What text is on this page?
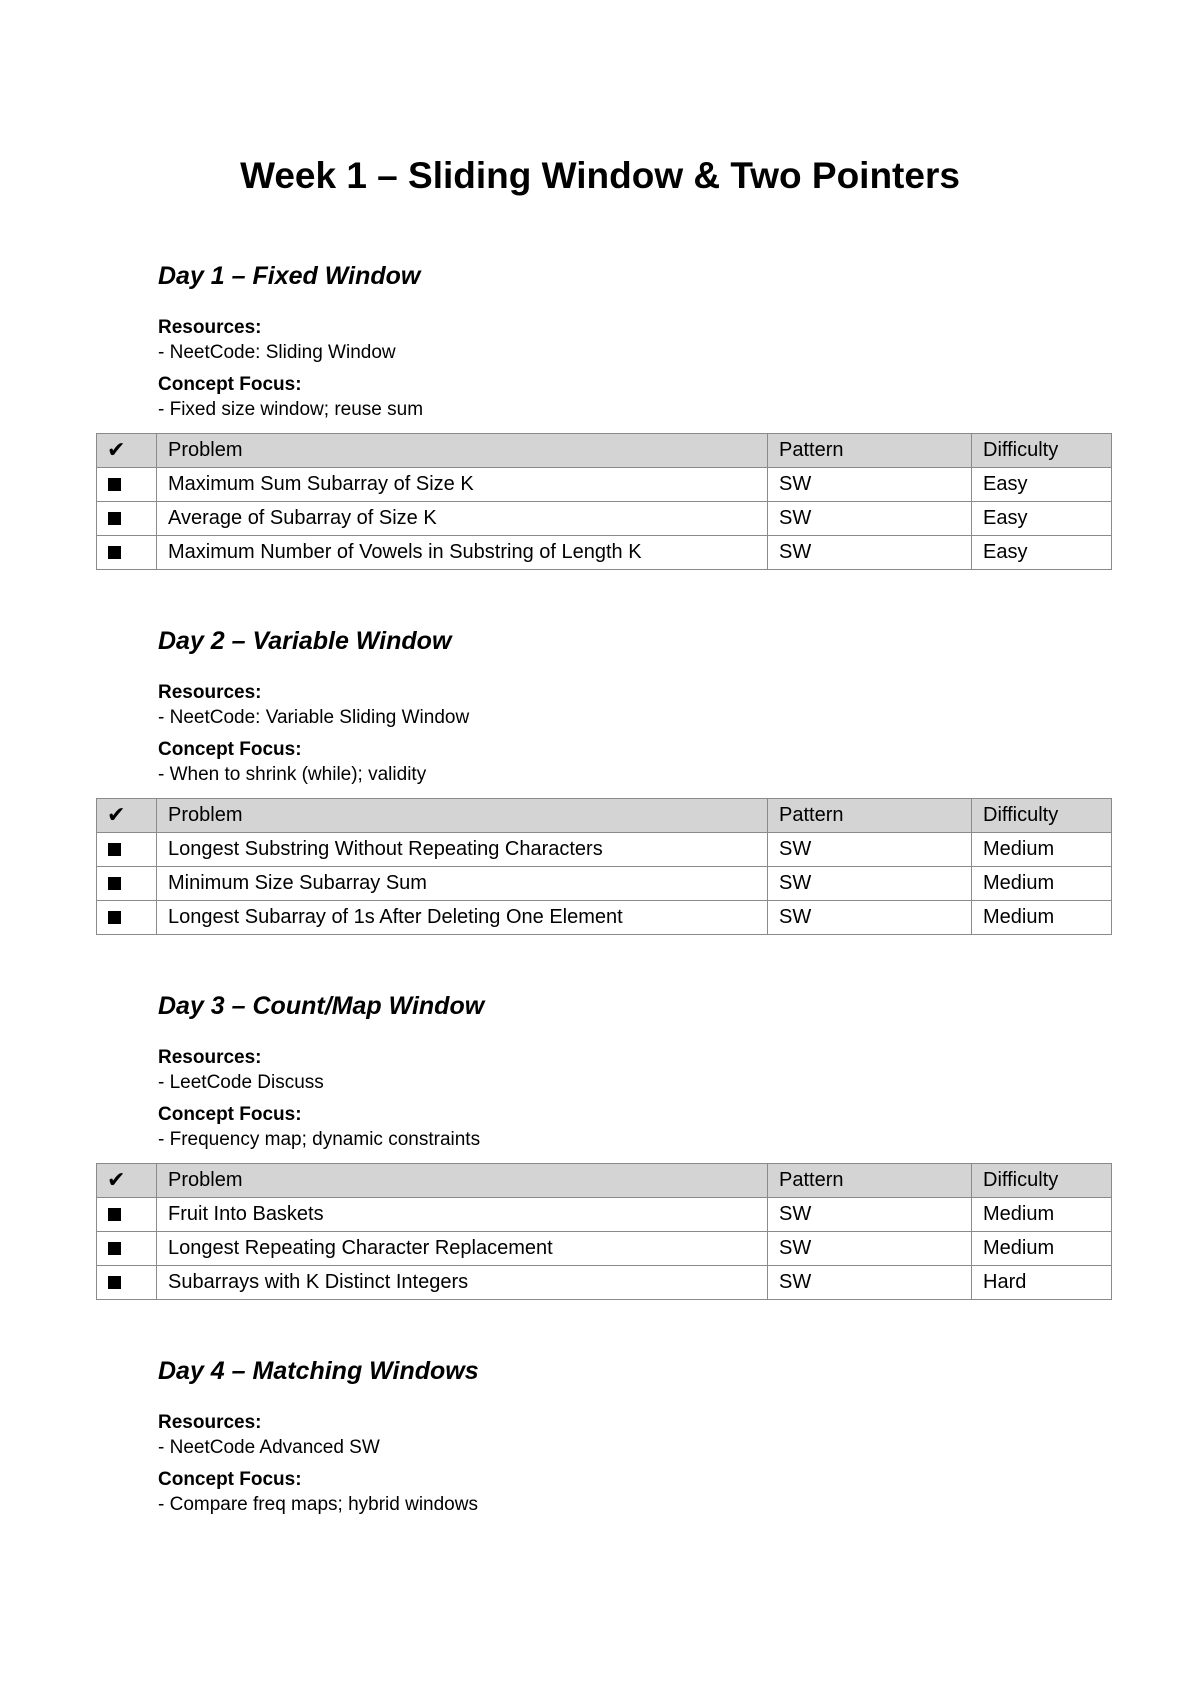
Week 1 – Sliding Window & Two Pointers
Day 1 – Fixed Window
Resources:
- NeetCode: Sliding Window
Concept Focus:
- Fixed size window; reuse sum
✔	Problem	Pattern	Difficulty
	Maximum Sum Subarray of Size K	SW	Easy
	Average of Subarray of Size K	SW	Easy
	Maximum Number of Vowels in Substring of Length K	SW	Easy
Day 2 – Variable Window
Resources:
- NeetCode: Variable Sliding Window
Concept Focus:
- When to shrink (while); validity
✔	Problem	Pattern	Difficulty
	Longest Substring Without Repeating Characters	SW	Medium
	Minimum Size Subarray Sum	SW	Medium
	Longest Subarray of 1s After Deleting One Element	SW	Medium
Day 3 – Count/Map Window
Resources:
- LeetCode Discuss
Concept Focus:
- Frequency map; dynamic constraints
✔	Problem	Pattern	Difficulty
	Fruit Into Baskets	SW	Medium
	Longest Repeating Character Replacement	SW	Medium
	Subarrays with K Distinct Integers	SW	Hard
Day 4 – Matching Windows
Resources:
- NeetCode Advanced SW
Concept Focus:
- Compare freq maps; hybrid windows
